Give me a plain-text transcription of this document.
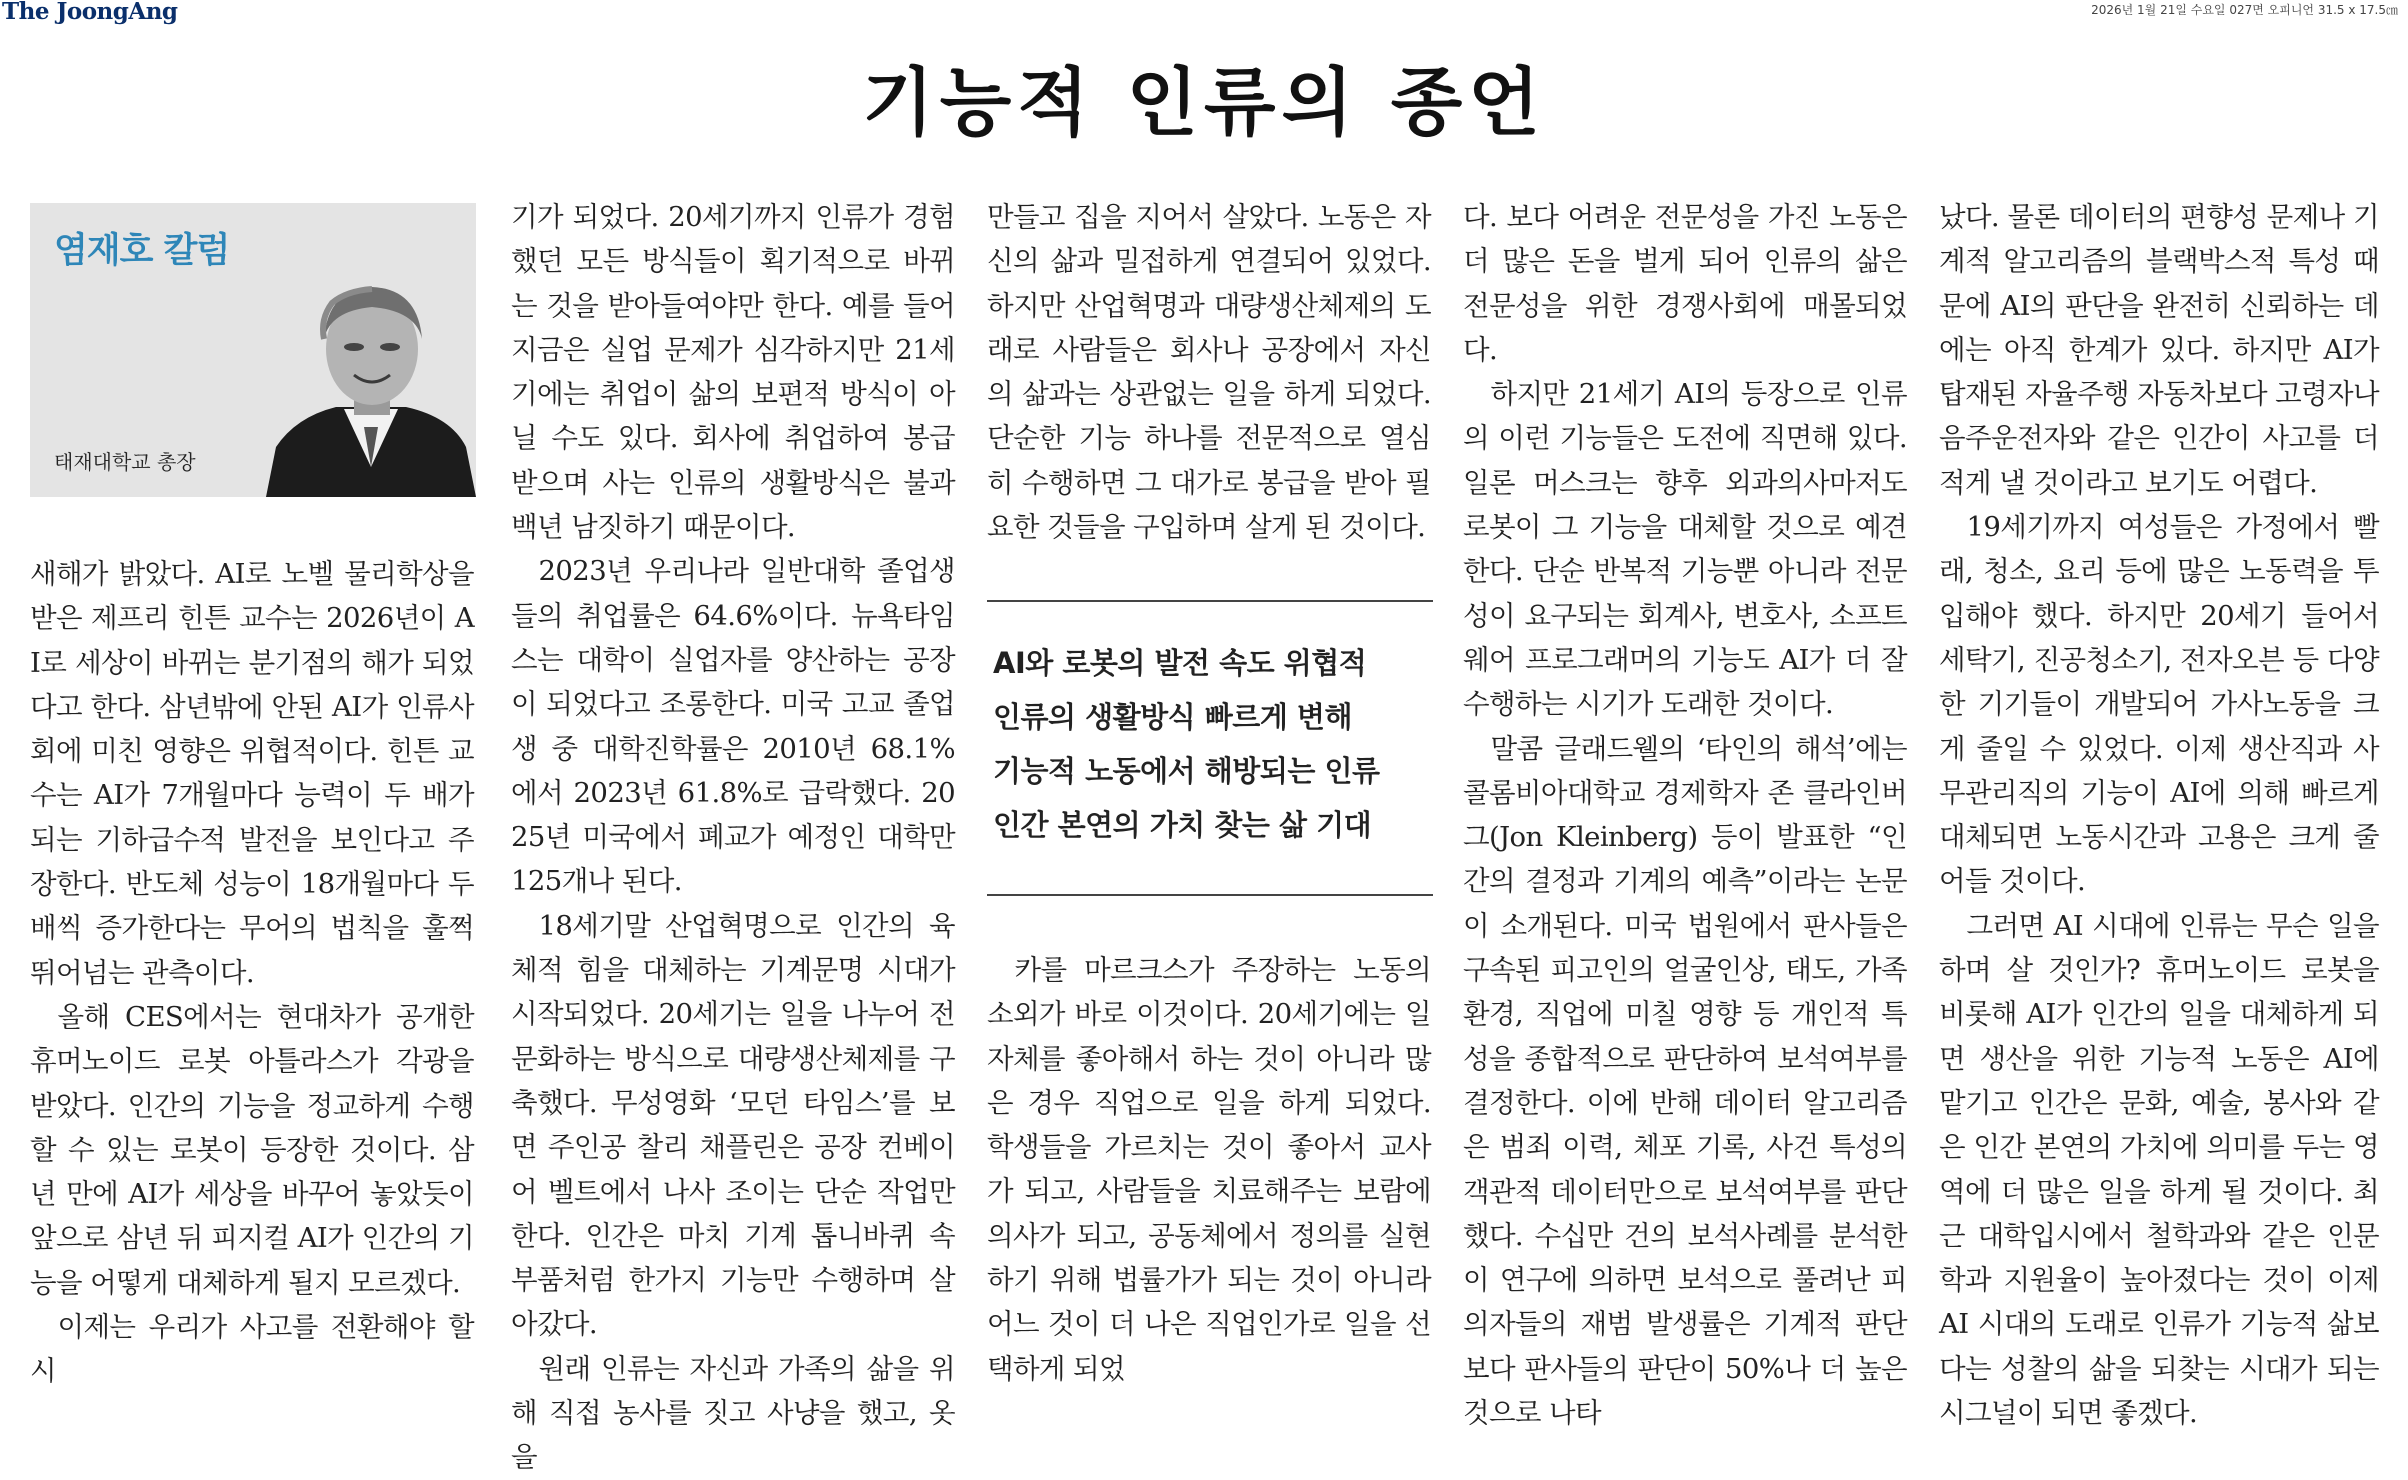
The JoongAng	2026년 1월 21일 수요일 027면 오피니언 31.5 x 17.5㎝
기능적 인류의 종언
염재호 칼럼
태재대학교 총장

새해가 밝았다. AI로 노벨 물리학상을 받은 제프리 힌튼 교수는 2026년이 AI로 세상이 바뀌는 분기점의 해가 되었다고 한다. 삼년밖에 안된 AI가 인류사회에 미친 영향은 위협적이다. 힌튼 교수는 AI가 7개월마다 능력이 두 배가 되는 기하급수적 발전을 보인다고 주장한다. 반도체 성능이 18개월마다 두 배씩 증가한다는 무어의 법칙을 훌쩍 뛰어넘는 관측이다.

올해 CES에서는 현대차가 공개한 휴머노이드 로봇 아틀라스가 각광을 받았다. 인간의 기능을 정교하게 수행할 수 있는 로봇이 등장한 것이다. 삼년 만에 AI가 세상을 바꾸어 놓았듯이 앞으로 삼년 뒤 피지컬 AI가 인간의 기능을 어떻게 대체하게 될지 모르겠다.

이제는 우리가 사고를 전환해야 할 시

기가 되었다. 20세기까지 인류가 경험했던 모든 방식들이 획기적으로 바뀌는 것을 받아들여야만 한다. 예를 들어 지금은 실업 문제가 심각하지만 21세기에는 취업이 삶의 보편적 방식이 아닐 수도 있다. 회사에 취업하여 봉급 받으며 사는 인류의 생활방식은 불과 백년 남짓하기 때문이다.

2023년 우리나라 일반대학 졸업생들의 취업률은 64.6%이다. 뉴욕타임스는 대학이 실업자를 양산하는 공장이 되었다고 조롱한다. 미국 고교 졸업생 중 대학진학률은 2010년 68.1%에서 2023년 61.8%로 급락했다. 2025년 미국에서 폐교가 예정인 대학만 125개나 된다.

18세기말 산업혁명으로 인간의 육체적 힘을 대체하는 기계문명 시대가 시작되었다. 20세기는 일을 나누어 전문화하는 방식으로 대량생산체제를 구축했다. 무성영화 ‘모던 타임스’를 보면 주인공 찰리 채플린은 공장 컨베이어 벨트에서 나사 조이는 단순 작업만 한다. 인간은 마치 기계 톱니바퀴 속 부품처럼 한가지 기능만 수행하며 살아갔다.

원래 인류는 자신과 가족의 삶을 위해 직접 농사를 짓고 사냥을 했고, 옷을

만들고 집을 지어서 살았다. 노동은 자신의 삶과 밀접하게 연결되어 있었다. 하지만 산업혁명과 대량생산체제의 도래로 사람들은 회사나 공장에서 자신의 삶과는 상관없는 일을 하게 되었다. 단순한 기능 하나를 전문적으로 열심히 수행하면 그 대가로 봉급을 받아 필요한 것들을 구입하며 살게 된 것이다.

AI와 로봇의 발전 속도 위협적
인류의 생활방식 빠르게 변해
기능적 노동에서 해방되는 인류
인간 본연의 가치 찾는 삶 기대

카를 마르크스가 주장하는 노동의 소외가 바로 이것이다. 20세기에는 일 자체를 좋아해서 하는 것이 아니라 많은 경우 직업으로 일을 하게 되었다. 학생들을 가르치는 것이 좋아서 교사가 되고, 사람들을 치료해주는 보람에 의사가 되고, 공동체에서 정의를 실현하기 위해 법률가가 되는 것이 아니라 어느 것이 더 나은 직업인가로 일을 선택하게 되었

다. 보다 어려운 전문성을 가진 노동은 더 많은 돈을 벌게 되어 인류의 삶은 전문성을 위한 경쟁사회에 매몰되었다.

하지만 21세기 AI의 등장으로 인류의 이런 기능들은 도전에 직면해 있다. 일론 머스크는 향후 외과의사마저도 로봇이 그 기능을 대체할 것으로 예견한다. 단순 반복적 기능뿐 아니라 전문성이 요구되는 회계사, 변호사, 소프트웨어 프로그래머의 기능도 AI가 더 잘 수행하는 시기가 도래한 것이다.

말콤 글래드웰의 ‘타인의 해석’에는 콜롬비아대학교 경제학자 존 클라인버그(Jon Kleinberg) 등이 발표한 “인간의 결정과 기계의 예측”이라는 논문이 소개된다. 미국 법원에서 판사들은 구속된 피고인의 얼굴인상, 태도, 가족환경, 직업에 미칠 영향 등 개인적 특성을 종합적으로 판단하여 보석여부를 결정한다. 이에 반해 데이터 알고리즘은 범죄 이력, 체포 기록, 사건 특성의 객관적 데이터만으로 보석여부를 판단했다. 수십만 건의 보석사례를 분석한 이 연구에 의하면 보석으로 풀려난 피의자들의 재범 발생률은 기계적 판단보다 판사들의 판단이 50%나 더 높은 것으로 나타

났다. 물론 데이터의 편향성 문제나 기계적 알고리즘의 블랙박스적 특성 때문에 AI의 판단을 완전히 신뢰하는 데에는 아직 한계가 있다. 하지만 AI가 탑재된 자율주행 자동차보다 고령자나 음주운전자와 같은 인간이 사고를 더 적게 낼 것이라고 보기도 어렵다.

19세기까지 여성들은 가정에서 빨래, 청소, 요리 등에 많은 노동력을 투입해야 했다. 하지만 20세기 들어서 세탁기, 진공청소기, 전자오븐 등 다양한 기기들이 개발되어 가사노동을 크게 줄일 수 있었다. 이제 생산직과 사무관리직의 기능이 AI에 의해 빠르게 대체되면 노동시간과 고용은 크게 줄어들 것이다.

그러면 AI 시대에 인류는 무슨 일을 하며 살 것인가? 휴머노이드 로봇을 비롯해 AI가 인간의 일을 대체하게 되면 생산을 위한 기능적 노동은 AI에 맡기고 인간은 문화, 예술, 봉사와 같은 인간 본연의 가치에 의미를 두는 영역에 더 많은 일을 하게 될 것이다. 최근 대학입시에서 철학과와 같은 인문학과 지원율이 높아졌다는 것이 이제 AI 시대의 도래로 인류가 기능적 삶보다는 성찰의 삶을 되찾는 시대가 되는 시그널이 되면 좋겠다.
